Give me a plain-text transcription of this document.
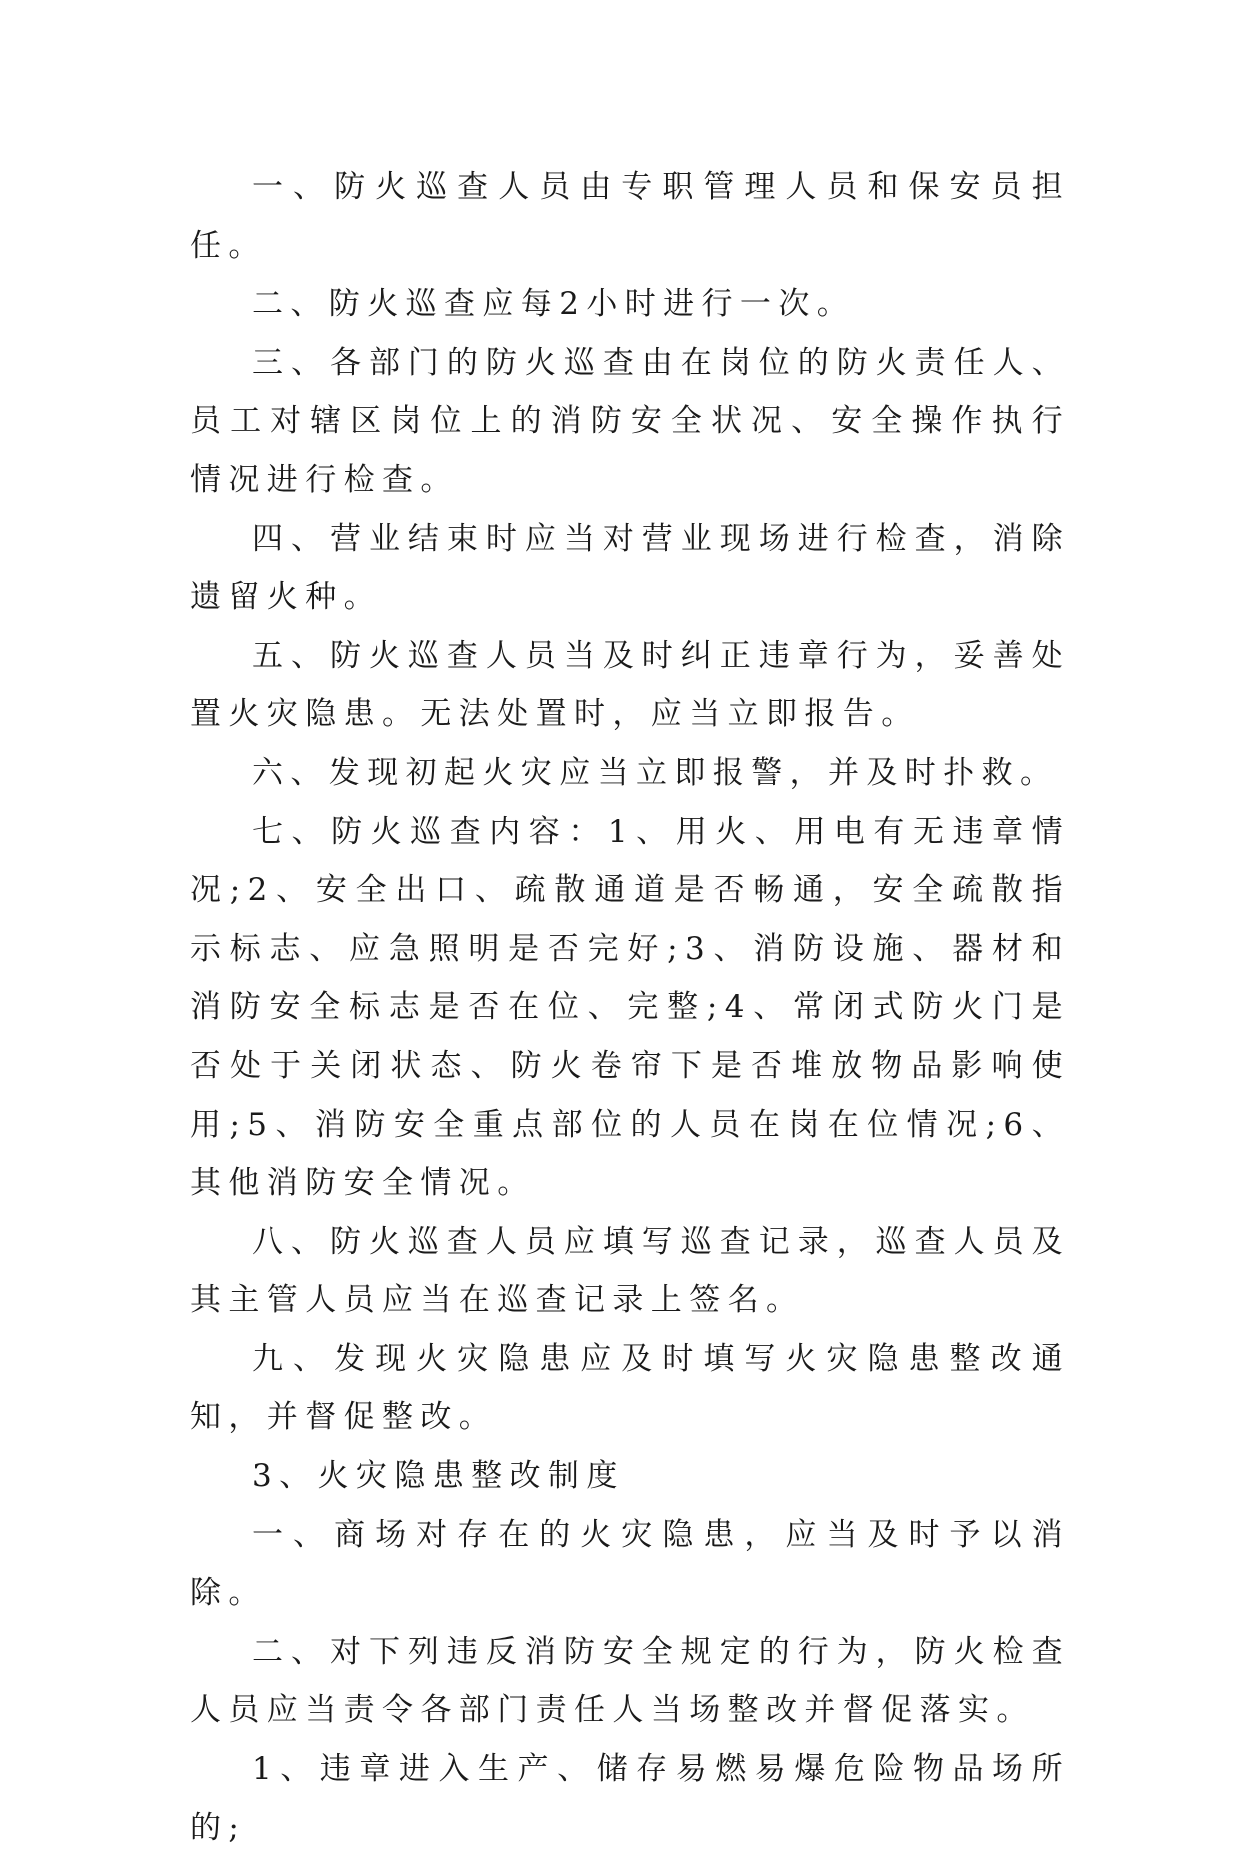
一、防火巡查人员由专职管理人员和保安员担任。

二、防火巡查应每2小时进行一次。

三、各部门的防火巡查由在岗位的防火责任人、员工对辖区岗位上的消防安全状况、安全操作执行情况进行检查。

四、营业结束时应当对营业现场进行检查，消除遗留火种。

五、防火巡查人员当及时纠正违章行为，妥善处置火灾隐患。无法处置时，应当立即报告。

六、发现初起火灾应当立即报警，并及时扑救。

七、防火巡查内容：1、用火、用电有无违章情况;2、安全出口、疏散通道是否畅通，安全疏散指示标志、应急照明是否完好;3、消防设施、器材和消防安全标志是否在位、完整;4、常闭式防火门是否处于关闭状态、防火卷帘下是否堆放物品影响使用;5、消防安全重点部位的人员在岗在位情况;6、其他消防安全情况。

八、防火巡查人员应填写巡查记录，巡查人员及其主管人员应当在巡查记录上签名。

九、发现火灾隐患应及时填写火灾隐患整改通知，并督促整改。

3、火灾隐患整改制度

一、商场对存在的火灾隐患，应当及时予以消除。

二、对下列违反消防安全规定的行为，防火检查人员应当责令各部门责任人当场整改并督促落实。

1、违章进入生产、储存易燃易爆危险物品场所的;
